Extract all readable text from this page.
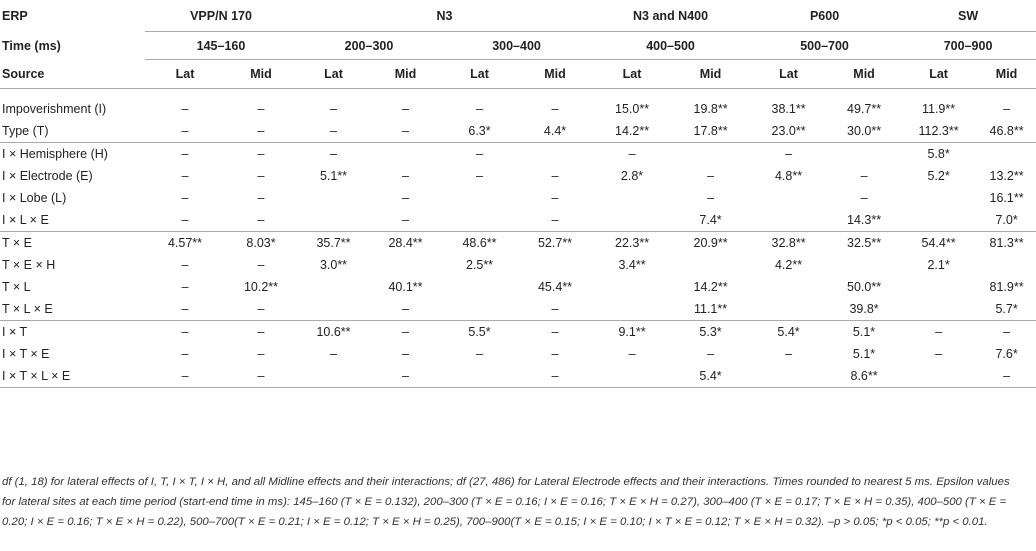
ERP	VPP/N 170		N3				N3 and N400		P600		SW	
Time (ms)	145–160		200–300		300–400		400–500		500–700		700–900	
Source	Lat	Mid	Lat	Mid	Lat	Mid	Lat	Mid	Lat	Mid	Lat	Mid

Impoverishment (I)	–	–	–	–	–	–	15.0**	19.8**	38.1**	49.7**	11.9**	–
Type (T)	–	–	–	–	6.3*	4.4*	14.2**	17.8**	23.0**	30.0**	112.3**	46.8**
I × Hemisphere (H)	–	–	–		–		–		–		5.8*	
I × Electrode (E)	–	–	5.1**	–	–	–	2.8*	–	4.8**	–	5.2*	13.2**
I × Lobe (L)	–	–		–		–		–		–		16.1**
I × L × E	–	–		–		–		7.4*		14.3**		7.0*
T × E	4.57**	8.03*	35.7**	28.4**	48.6**	52.7**	22.3**	20.9**	32.8**	32.5**	54.4**	81.3**
T × E × H	–	–	3.0**		2.5**		3.4**		4.2**		2.1*	
T × L	–	10.2**		40.1**		45.4**		14.2**		50.0**		81.9**
T × L × E	–	–		–		–		11.1**		39.8*		5.7*
I × T	–	–	10.6**	–	5.5*	–	9.1**	5.3*	5.4*	5.1*	–	–
I × T × E	–	–	–	–	–	–	–	–	–	5.1*	–	7.6*
I × T × L × E	–	–		–		–		5.4*		8.6**		–
df (1, 18) for lateral effects of I, T, I × T, I × H, and all Midline effects and their interactions; df (27, 486) for Lateral Electrode effects and their interactions. Times rounded to nearest 5 ms. Epsilon values for lateral sites at each time period (start-end time in ms): 145–160 (T × E = 0.132), 200–300 (T × E = 0.16; I × E = 0.16; T × E × H = 0.27), 300–400 (T × E = 0.17; T × E × H = 0.35), 400–500 (T × E = 0.20; I × E = 0.16; T × E × H = 0.22), 500–700(T × E = 0.21; I × E = 0.12; T × E × H = 0.25), 700–900(T × E = 0.15; I × E = 0.10; I × T × E = 0.12; T × E × H = 0.32). –p > 0.05; *p < 0.05; **p < 0.01.
